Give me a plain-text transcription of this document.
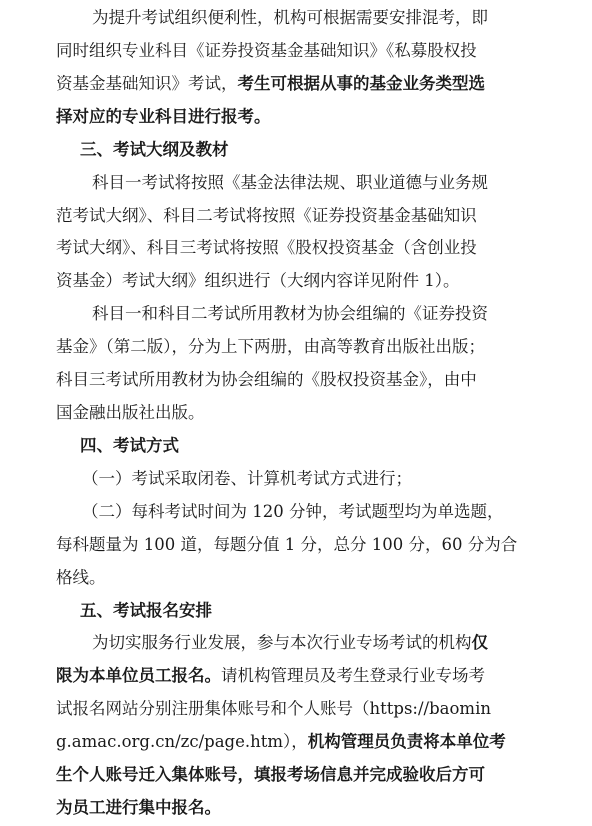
为提升考试组织便利性，机构可根据需要安排混考，即
同时组织专业科目《证券投资基金基础知识》《私募股权投
资基金基础知识》考试，考生可根据从事的基金业务类型选
择对应的专业科目进行报考。
三、考试大纲及教材
科目一考试将按照《基金法律法规、职业道德与业务规
范考试大纲》、科目二考试将按照《证券投资基金基础知识
考试大纲》、科目三考试将按照《股权投资基金（含创业投
资基金）考试大纲》组织进行（大纲内容详见附件 1）。
科目一和科目二考试所用教材为协会组编的《证券投资
基金》（第二版），分为上下两册，由高等教育出版社出版；
科目三考试所用教材为协会组编的《股权投资基金》，由中
国金融出版社出版。
四、考试方式
（一）考试采取闭卷、计算机考试方式进行；
（二）每科考试时间为 120 分钟，考试题型均为单选题，
每科题量为 100 道，每题分值 1 分，总分 100 分，60 分为合
格线。
五、考试报名安排
为切实服务行业发展，参与本次行业专场考试的机构仅
限为本单位员工报名。请机构管理员及考生登录行业专场考
试报名网站分别注册集体账号和个人账号（https://baomin
g.amac.org.cn/zc/page.htm），机构管理员负责将本单位考
生个人账号迁入集体账号，填报考场信息并完成验收后方可
为员工进行集中报名。
